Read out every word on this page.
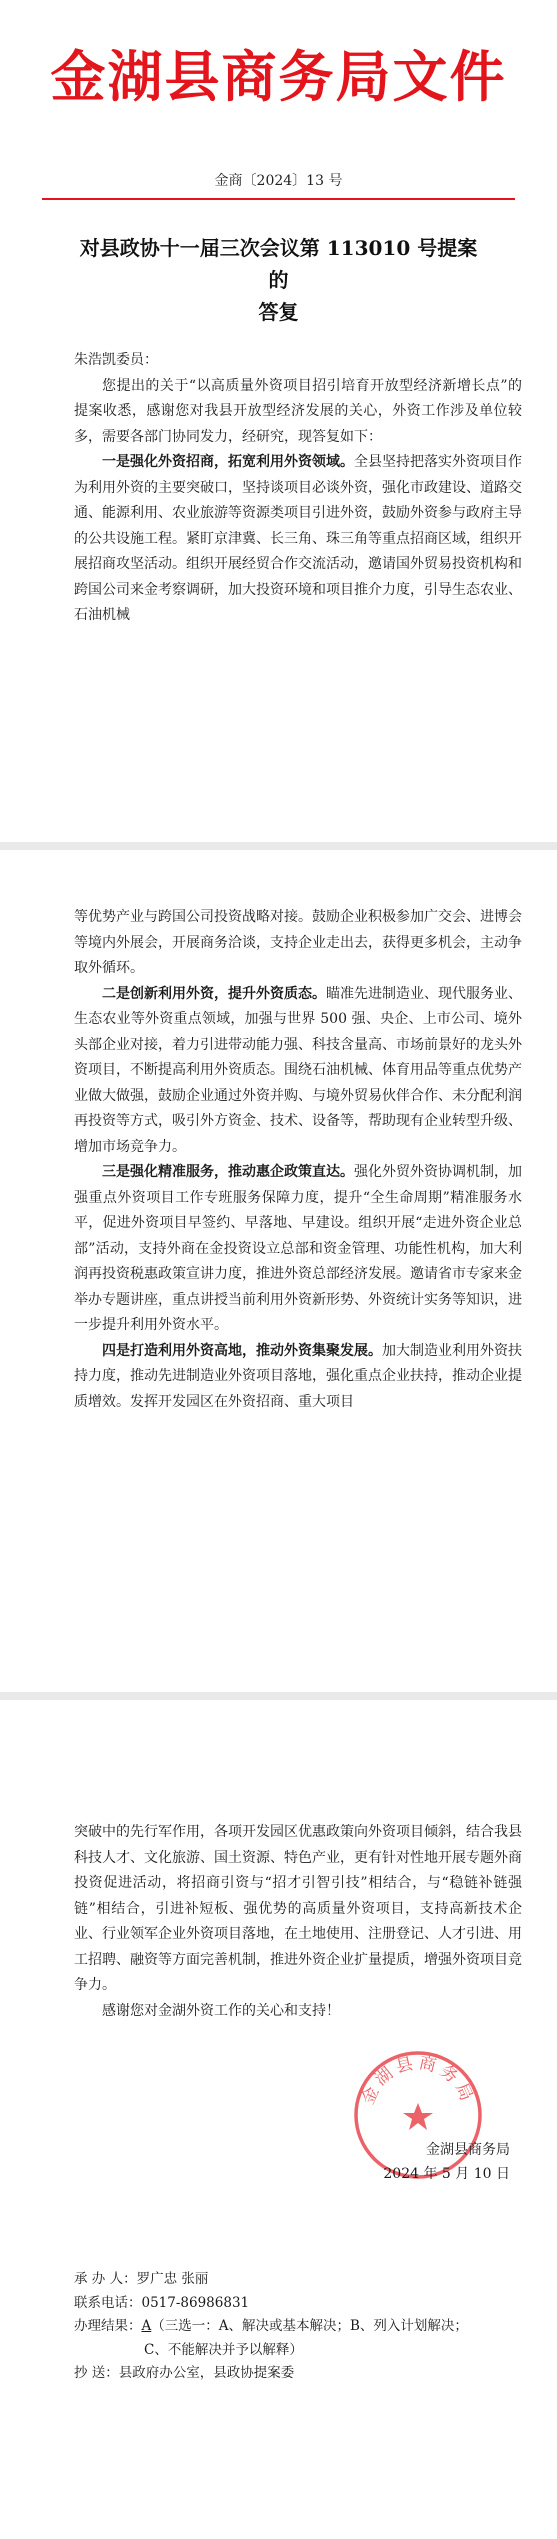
金湖县商务局文件
金商〔2024〕13 号
对县政协十一届三次会议第 113010 号提案的
答复

朱浩凯委员：

您提出的关于“以高质量外资项目招引培育开放型经济新增长点”的提案收悉，感谢您对我县开放型经济发展的关心，外资工作涉及单位较多，需要各部门协同发力，经研究，现答复如下：

一是强化外资招商，拓宽利用外资领域。全县坚持把落实外资项目作为利用外资的主要突破口，坚持谈项目必谈外资，强化市政建设、道路交通、能源利用、农业旅游等资源类项目引进外资，鼓励外资参与政府主导的公共设施工程。紧盯京津冀、长三角、珠三角等重点招商区域，组织开展招商攻坚活动。组织开展经贸合作交流活动，邀请国外贸易投资机构和跨国公司来金考察调研，加大投资环境和项目推介力度，引导生态农业、石油机械

等优势产业与跨国公司投资战略对接。鼓励企业积极参加广交会、进博会等境内外展会，开展商务洽谈，支持企业走出去，获得更多机会，主动争取外循环。

二是创新利用外资，提升外资质态。瞄准先进制造业、现代服务业、生态农业等外资重点领域，加强与世界 500 强、央企、上市公司、境外头部企业对接，着力引进带动能力强、科技含量高、市场前景好的龙头外资项目，不断提高利用外资质态。围绕石油机械、体育用品等重点优势产业做大做强，鼓励企业通过外资并购、与境外贸易伙伴合作、未分配利润再投资等方式，吸引外方资金、技术、设备等，帮助现有企业转型升级、增加市场竞争力。

三是强化精准服务，推动惠企政策直达。强化外贸外资协调机制，加强重点外资项目工作专班服务保障力度，提升“全生命周期”精准服务水平，促进外资项目早签约、早落地、早建设。组织开展“走进外资企业总部”活动，支持外商在金投资设立总部和资金管理、功能性机构，加大利润再投资税惠政策宣讲力度，推进外资总部经济发展。邀请省市专家来金举办专题讲座，重点讲授当前利用外资新形势、外资统计实务等知识，进一步提升利用外资水平。

四是打造利用外资高地，推动外资集聚发展。加大制造业利用外资扶持力度，推动先进制造业外资项目落地，强化重点企业扶持，推动企业提质增效。发挥开发园区在外资招商、重大项目

突破中的先行军作用，各项开发园区优惠政策向外资项目倾斜，结合我县科技人才、文化旅游、国土资源、特色产业，更有针对性地开展专题外商投资促进活动，将招商引资与“招才引智引技”相结合，与“稳链补链强链”相结合，引进补短板、强优势的高质量外资项目，支持高新技术企业、行业领军企业外资项目落地，在土地使用、注册登记、人才引进、用工招聘、融资等方面完善机制，推进外资企业扩量提质，增强外资项目竞争力。

感谢您对金湖外资工作的关心和支持！

金湖县商务局
金湖县商务局
2024 年 5 月 10 日
承 办 人：罗广忠 张丽
联系电话：0517-86986831
办理结果：A（三选一：A、解决或基本解决；B、列入计划解决；
C、不能解决并予以解释）
抄 送：县政府办公室，县政协提案委
